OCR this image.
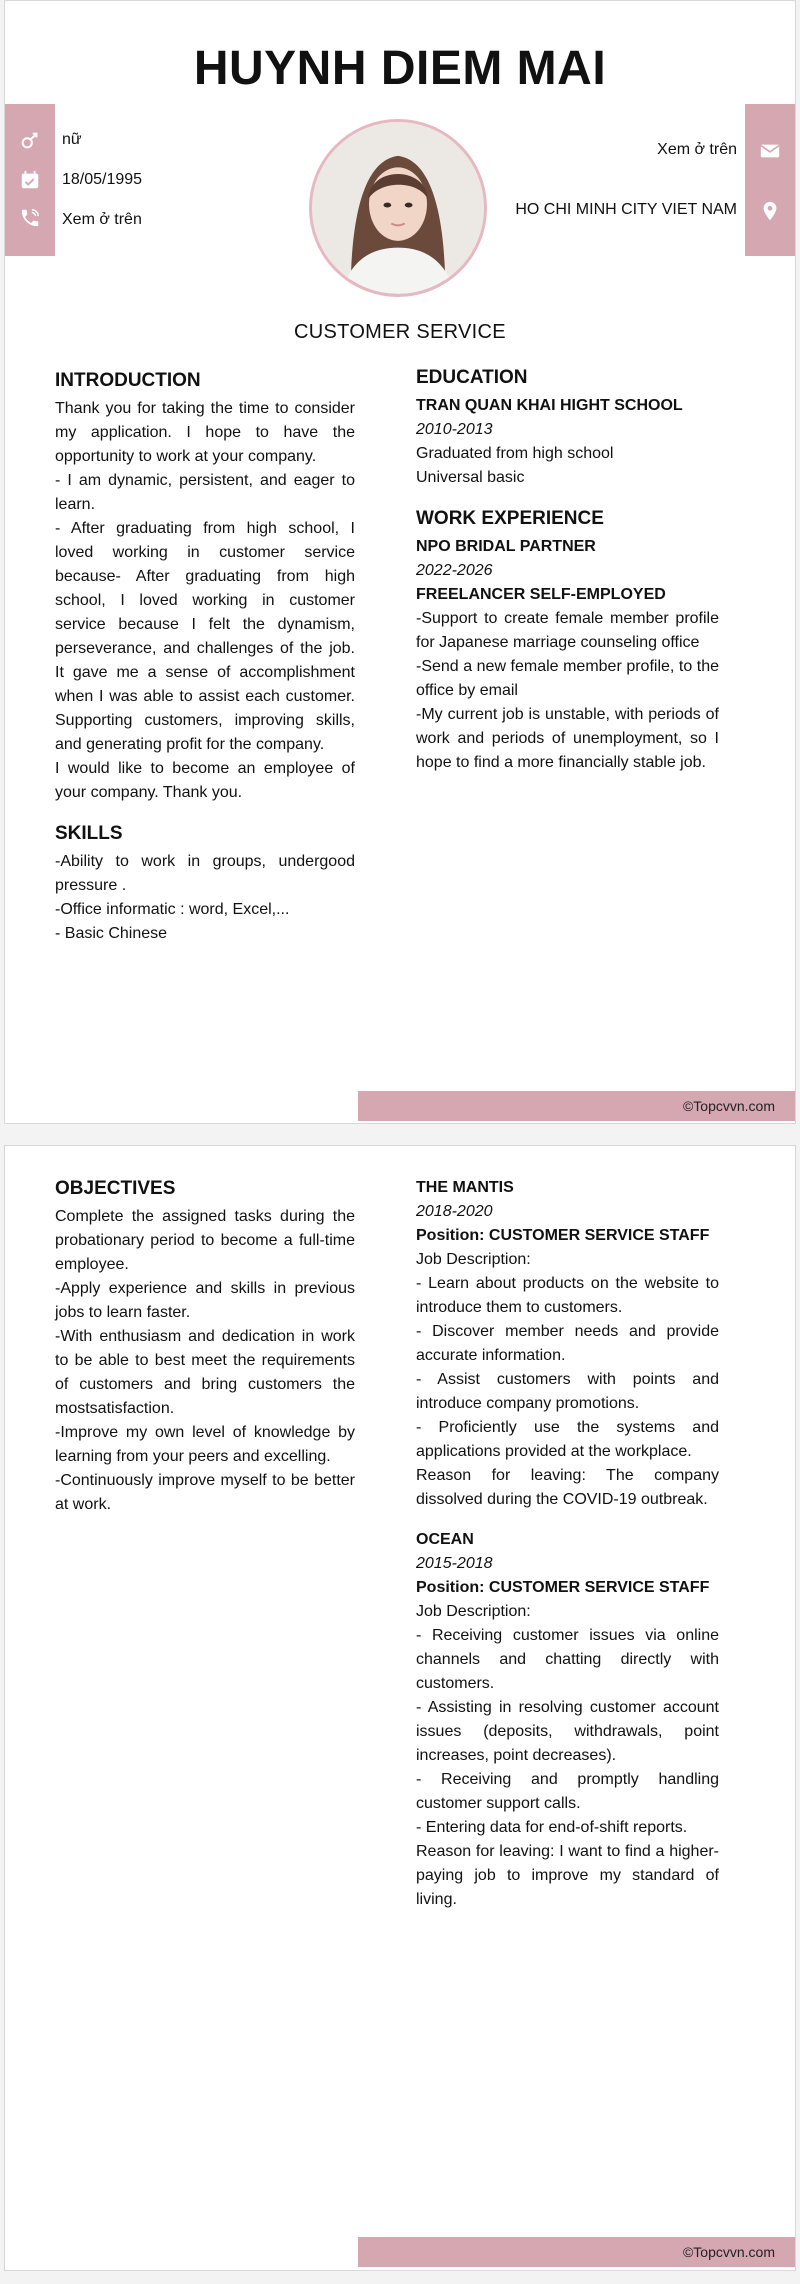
HUYNH DIEM MAI
nữ
18/05/1995
Xem ở trên
Xem ở trên
HO CHI MINH CITY VIET NAM
CUSTOMER SERVICE
INTRODUCTION

Thank you for taking the time to consider my application. I hope to have the opportunity to work at your company.

- I am dynamic, persistent, and eager to learn.

- After graduating from high school, I loved working in customer service because- After graduating from high school, I loved working in customer service because I felt the dynamism, perseverance, and challenges of the job. It gave me a sense of accomplishment when I was able to assist each customer. Supporting customers, improving skills, and generating profit for the company.

I would like to become an employee of your company. Thank you.

SKILLS

-Ability to work in groups, undergood pressure .

-Office informatic : word, Excel,...

- Basic Chinese

EDUCATION

TRAN QUAN KHAI HIGHT SCHOOL

2010-2013

Graduated from high school

Universal basic

WORK EXPERIENCE

NPO BRIDAL PARTNER

2022-2026

FREELANCER SELF-EMPLOYED

-Support to create female member profile for Japanese marriage counseling office

-Send a new female member profile, to the office by email

-My current job is unstable, with periods of work and periods of unemployment, so I hope to find a more financially stable job.

©Topcvvn.com
OBJECTIVES

Complete the assigned tasks during the probationary period to become a full-time employee.

-Apply experience and skills in previous jobs to learn faster.

-With enthusiasm and dedication in work to be able to best meet the requirements of customers and bring customers the mostsatisfaction.

-Improve my own level of knowledge by learning from your peers and excelling.

-Continuously improve myself to be better at work.

THE MANTIS

2018-2020

Position: CUSTOMER SERVICE STAFF

Job Description:

- Learn about products on the website to introduce them to customers.

- Discover member needs and provide accurate information.

- Assist customers with points and introduce company promotions.

- Proficiently use the systems and applications provided at the workplace.

Reason for leaving: The company dissolved during the COVID-19 outbreak.

OCEAN

2015-2018

Position: CUSTOMER SERVICE STAFF

Job Description:

- Receiving customer issues via online channels and chatting directly with customers.

- Assisting in resolving customer account issues (deposits, withdrawals, point increases, point decreases).

- Receiving and promptly handling customer support calls.

- Entering data for end-of-shift reports.

Reason for leaving: I want to find a higher-paying job to improve my standard of living.

©Topcvvn.com
